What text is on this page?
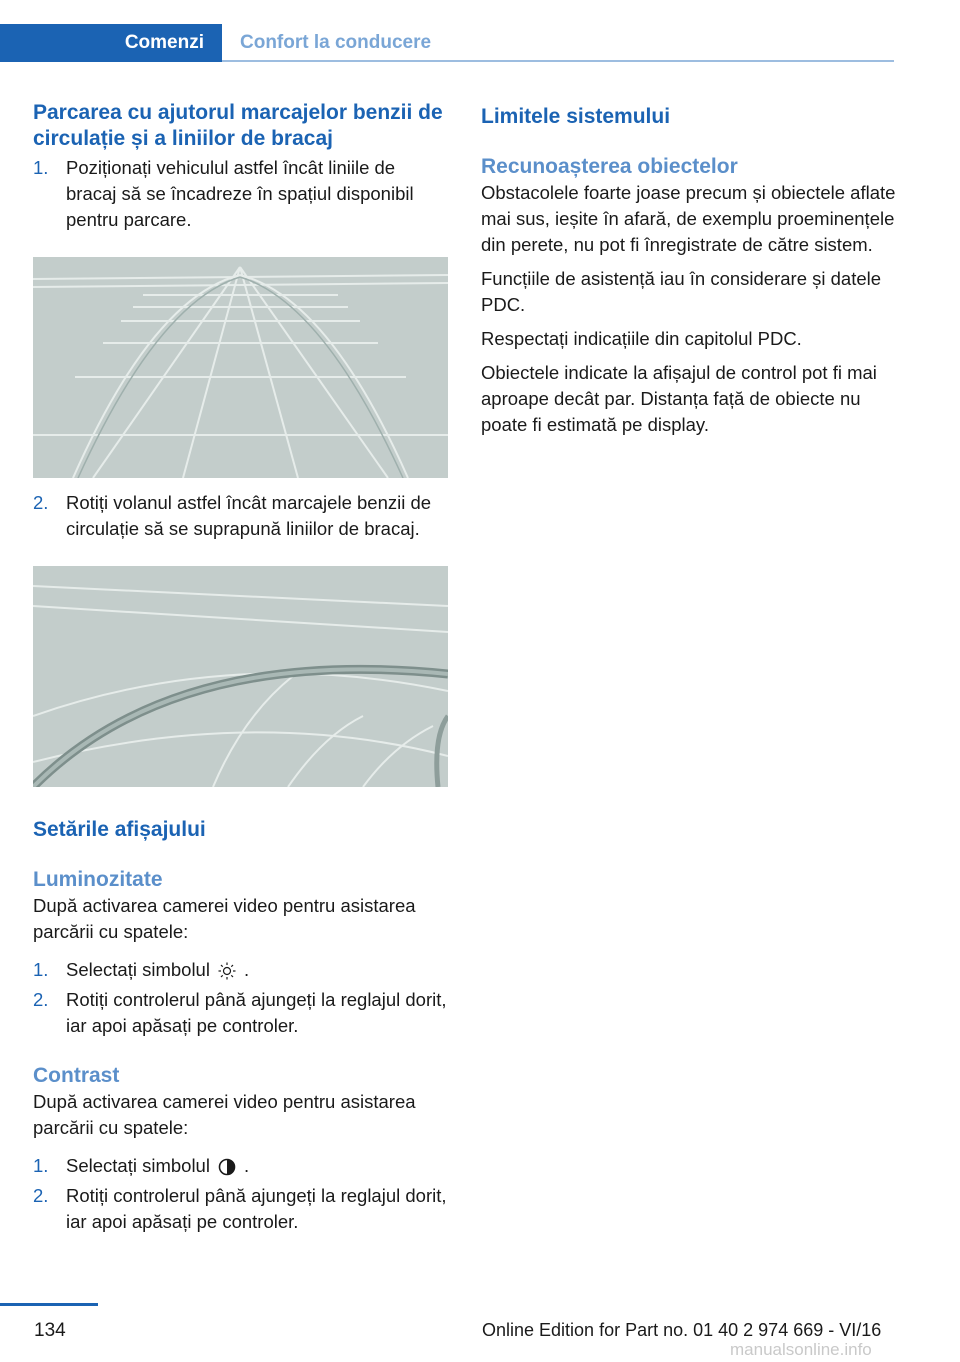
Comenzi	Confort la conducere
Parcarea cu ajutorul marcajelor benzii de circulație și a liniilor de bracaj
1. Poziționați vehiculul astfel încât liniile de bracaj să se încadreze în spațiul disponibil pentru parcare.
2. Rotiți volanul astfel încât marcajele benzii de circulație să se suprapună liniilor de bracaj.
Setările afișajului
Luminozitate

După activarea camerei video pentru asistarea parcării cu spatele:

1. Selectați simbolul .
2. Rotiți controlerul până ajungeți la reglajul dorit, iar apoi apăsați pe controler.
Contrast

După activarea camerei video pentru asistarea parcării cu spatele:

1. Selectați simbolul .
2. Rotiți controlerul până ajungeți la reglajul dorit, iar apoi apăsați pe controler.
Limitele sistemului
Recunoașterea obiectelor

Obstacolele foarte joase precum și obiectele aflate mai sus, ieșite în afară, de exemplu proeminențele din perete, nu pot fi înregistrate de către sistem.

Funcțiile de asistență iau în considerare și datele PDC.

Respectați indicațiile din capitolul PDC.

Obiectele indicate la afișajul de control pot fi mai aproape decât par. Distanța față de obiecte nu poate fi estimată pe display.

134	Online Edition for Part no. 01 40 2 974 669 - VI/16
manualsonline.info
